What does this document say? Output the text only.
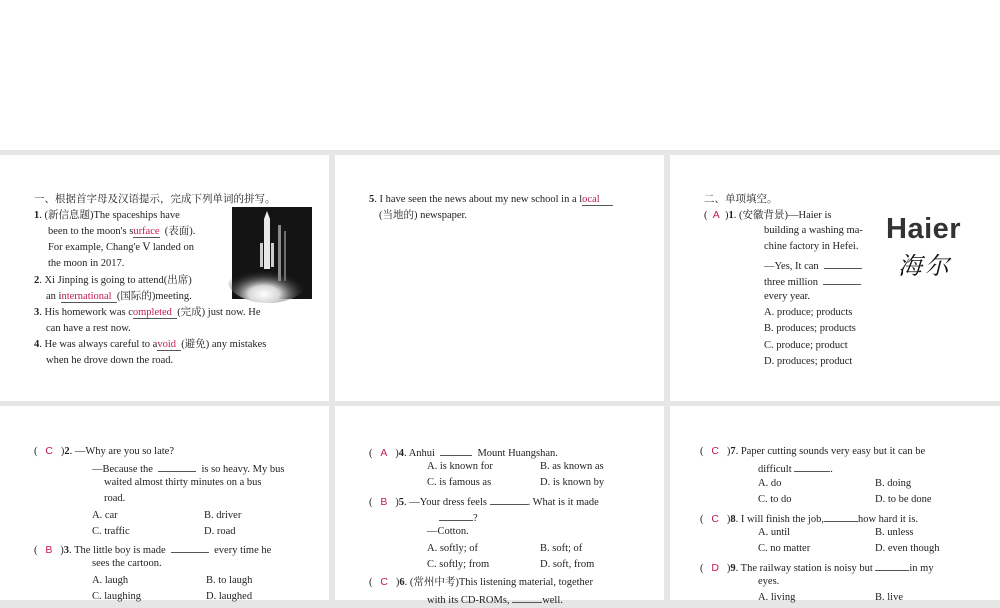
一、根据首字母及汉语提示，完成下列单词的拼写。
1. (新信息题)The spaceships have
been to the moon's surface (表面).
For example, Chang'e Ⅴ landed on
the moon in 2017.
2. Xi Jinping is going to attend(出席)
an international (国际的)meeting.
3. His homework was completed (完成) just now. He
can have a rest now.
4. He was always careful to avoid (避免) any mistakes
when he drove down the road.
5. I have seen the news about my new school in a local
(当地的) newspaper.
二、单项填空。
(  A  )1. (安徽背景)—Haier is
building a washing ma-
chine factory in Hefei.
—Yes, It can
three million
every year.
A. produce; products
B. produces; products
C. produce; product
D. produces; product
Haier
海尔
(   C   )2. —Why are you so late?
—Because the	is so heavy. My bus
waited almost thirty minutes on a bus
road.
A. car	B. driver
C. traffic	D. road
(   B   )3. The little boy is made	every time he
sees the cartoon.
A. laugh	B. to laugh
C. laughing	D. laughed
(   A   )4. Anhui	Mount Huangshan.
A. is known for	B. as known as
C. is famous as	D. is known by
(   B   )5. —Your dress feels	. What is it made
?
—Cotton.
A. softly; of	B. soft; of
C. softly; from	D. soft, from
(   C   )6. (常州中考)This listening material, together
with its CD-ROMs,	well.
(   C   )7. Paper cutting sounds very easy but it can be
difficult	.
A. do	B. doing
C. to do	D. to be done
(   C   )8. I will finish the job,	how hard it is.
A. until	B. unless
C. no matter	D. even though
(   D   )9. The railway station is noisy but	in my
eyes.
A. living	B. live
